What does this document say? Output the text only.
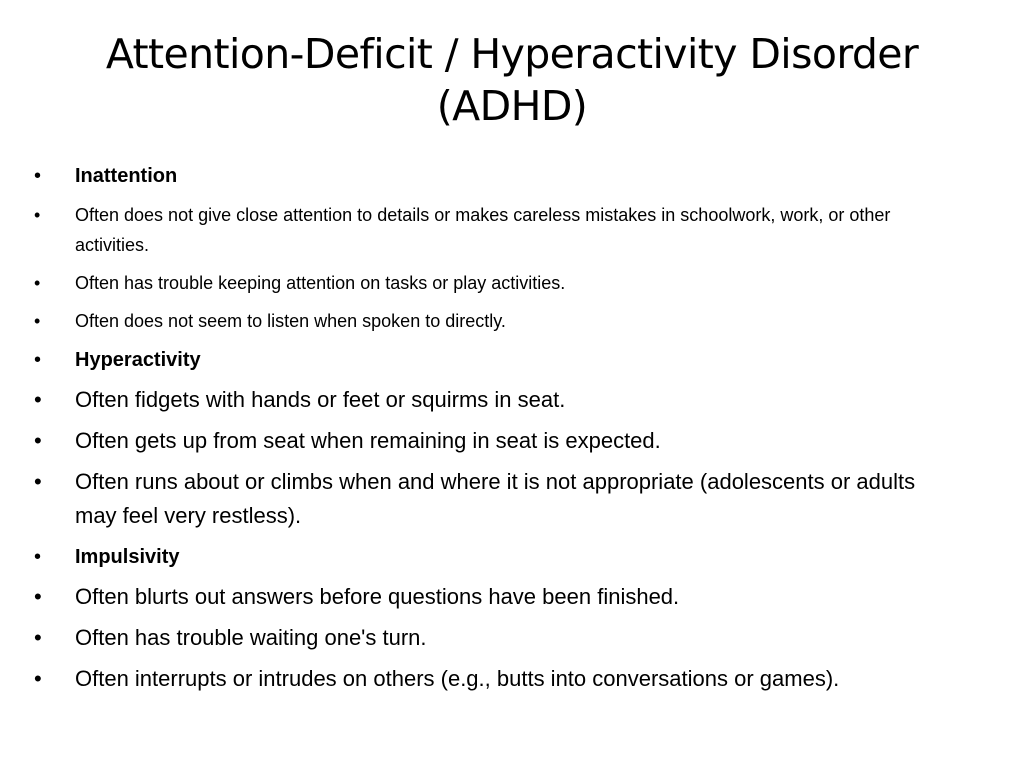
Attention-Deficit / Hyperactivity Disorder (ADHD)
• Inattention
• Often does not give close attention to details or makes careless mistakes in schoolwork, work, or other activities.
• Often has trouble keeping attention on tasks or play activities.
• Often does not seem to listen when spoken to directly.
• Hyperactivity
• Often fidgets with hands or feet or squirms in seat.
• Often gets up from seat when remaining in seat is expected.
• Often runs about or climbs when and where it is not appropriate (adolescents or adults may feel very restless).
• Impulsivity
• Often blurts out answers before questions have been finished.
• Often has trouble waiting one's turn.
• Often interrupts or intrudes on others (e.g., butts into conversations or games).
